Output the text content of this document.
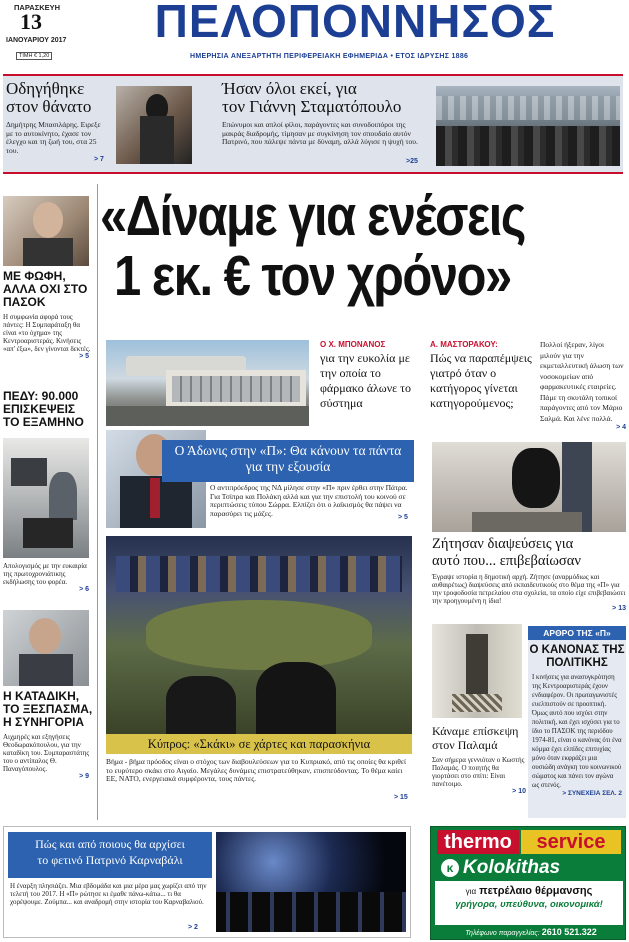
ΠΑΡΑΣΚΕΥΗ
13
ΙΑΝΟΥΑΡΙΟΥ 2017
ΤΙΜΗ € 1,20
ΠΕΛΟΠΟΝΝΗΣΟΣ
ΗΜΕΡΗΣΙΑ ΑΝΕΞΑΡΤΗΤΗ ΠΕΡΙΦΕΡΕΙΑΚΗ ΕΦΗΜΕΡΙΔΑ • ΕΤΟΣ ΙΔΡΥΣΗΣ 1886
Οδηγήθηκε
στον θάνατο
Δημήτρης Μπασιλάρης. Ειρεξε με το αυτοκίνητο, έχασε τον έλεγχο και τη ζωή του, στα 25 του.
> 7
Ήσαν όλοι εκεί, για
τον Γιάννη Σταματόπουλο
Επώνυμοι και απλοί φίλοι, παράγοντες και συνοδοιπόροι της μακράς διαδρομής, τίμησαν με συγκίνηση τον σπουδαίο αυτόν Πατρινό, που πάλεψε πάντα με δύναμη, αλλά λύγισε η ψυχή του.
>25
«Δίναμε για ενέσεις
1 εκ. € τον χρόνο»
ΜΕ ΦΩΦΗ, ΑΛΛΑ ΟΧΙ ΣΤΟ ΠΑΣΟΚ
Η συμφωνία αφορά τους πάντες: Η Συμπαράταξη θα είναι «το όχημα» της Κεντροαριστεράς. Κινήσεις «απ' έξω», δεν γίνονται δεκτές.
> 5
ΠΕΔΥ: 90.000 ΕΠΙΣΚΕΨΕΙΣ ΤΟ ΕΞΑΜΗΝΟ
Απολογισμός με την ευκαιρία της πρωτοχρονιάτικης εκδήλωσης του φορέα.
> 6
Η ΚΑΤΑΔΙΚΗ, ΤΟ ΞΕΣΠΑΣΜΑ, Η ΣΥΝΗΓΟΡΙΑ
Αιχμηρές και εξηγήσεις Θεοδωρακόπουλου, για την καταδίκη του. Συμπαραστάτης του ο αντίπαλος Θ. Παναγόπουλος.
> 9
Ο Χ. ΜΠΟΝΑΝΟΣ
για την ευκολία με την οποία το φάρμακο άλωνε το σύστημα
Α. ΜΑΣΤΟΡΑΚΟΥ:
Πώς να παραπέμψεις γιατρό όταν ο κατήγορος γίνεται κατηγορούμενος;
Πολλοί ήξεραν, λίγοι μιλούν για την εκμεταλλευτική άλωση των νοσοκομείων από φαρμακευτικές εταιρείες. Πάμε τη σκυτάλη τοπικοί παράγοντες από τον Μάριο Σαλμά. Και λένε πολλά.
> 4
Ο Άδωνις στην «Π»: Θα κάνουν τα πάντα για την εξουσία
Ο αντιπρόεδρος της ΝΔ μίλησε στην «Π» πριν έρθει στην Πάτρα. Για Τσίπρα και Πολάκη αλλά και για την επιστολή του κοινού σε περιπτώσεις τύπου Σώρρα. Ελπίζει ότι ο λαϊκισμός θα πάψει να παρασύρει τις μάζες.	> 5
Κύπρος: «Σκάκι» σε χάρτες και παρασκήνια
Βήμα - βήμα πρόοδος είναι ο στόχος των διαβουλεύσεων για το Κυπριακό, από τις οποίες θα κριθεί το ευρύτερο σκάκι στο Αιγαίο. Μεγάλες δυνάμεις επιστρατεύθηκαν, επισπεύδοντας. Το θέμα καίει ΕΕ, ΝΑΤΟ, ενεργειακά συμφέροντα, τους πάντες.
> 15
Ζήτησαν διαψεύσεις για
αυτό που... επιβεβαίωσαν
Έγραψε ιστορία η δημοτική αρχή. Ζήτησε (αναρμόδιως και αυθαιρέτως) διαψεύσεις από εκπαιδευτικούς στο θέμα της «Π» για την τροφοδοσία πετρελαίου στα σχολεία, τα οποίο είχε επιβεβαιώσει την προηγουμένη η ίδια!
> 13
Κάναμε επίσκεψη στον Παλαμά
Σαν σήμερα γεννιόταν ο Κωστής Παλαμάς. Ο ποιητής θα γιορτάσει στο σπίτι: Είναι πανέτοιμο.
> 10
ΑΡΘΡΟ ΤΗΣ «Π»
Ο ΚΑΝΟΝΑΣ ΤΗΣ ΠΟΛΙΤΙΚΗΣ
Ι κινήσεις για ανασυγκρότηση της Κεντροαριστεράς έχουν ενδιαφέρον. Οι πρωταγωνιστές ευελπιστούν σε προοπτική. Όμως αυτό που ισχύει στην πολιτική, και έχει ισχύσει για το ίδιο το ΠΑΣΟΚ της περιόδου 1974-81, είναι ο κανόνας ότι ένα κόμμα έχει ελπίδες επιτυχίας μόνο όταν εκφράζει μια ουσιώδη ανάγκη του κοινωνικού σώματος και πάνει τον αγώνα ως στενός.
> ΣΥΝΕΧΕΙΑ ΣΕΛ. 2
Πώς και από ποιους θα αρχίσει
το φετινό Πατρινό Καρναβάλι
Η έναρξη πλησιάζει. Μια εβδομάδα και μια μέρα μας χωρίζει από την τελετή του 2017. Η «Π» ρώτησε κι έμαθε πάνω-κάτω... τι θα χορέψουμε. Ζούμπα... και αναδρομή στην ιστορία του Καρναβαλιού.
> 2
thermo	service
κ Kolokithas
για πετρέλαιο θέρμανσης
γρήγορα, υπεύθυνα, οικονομικά!
Τηλέφωνο παραγγελίας: 2610 521.322
